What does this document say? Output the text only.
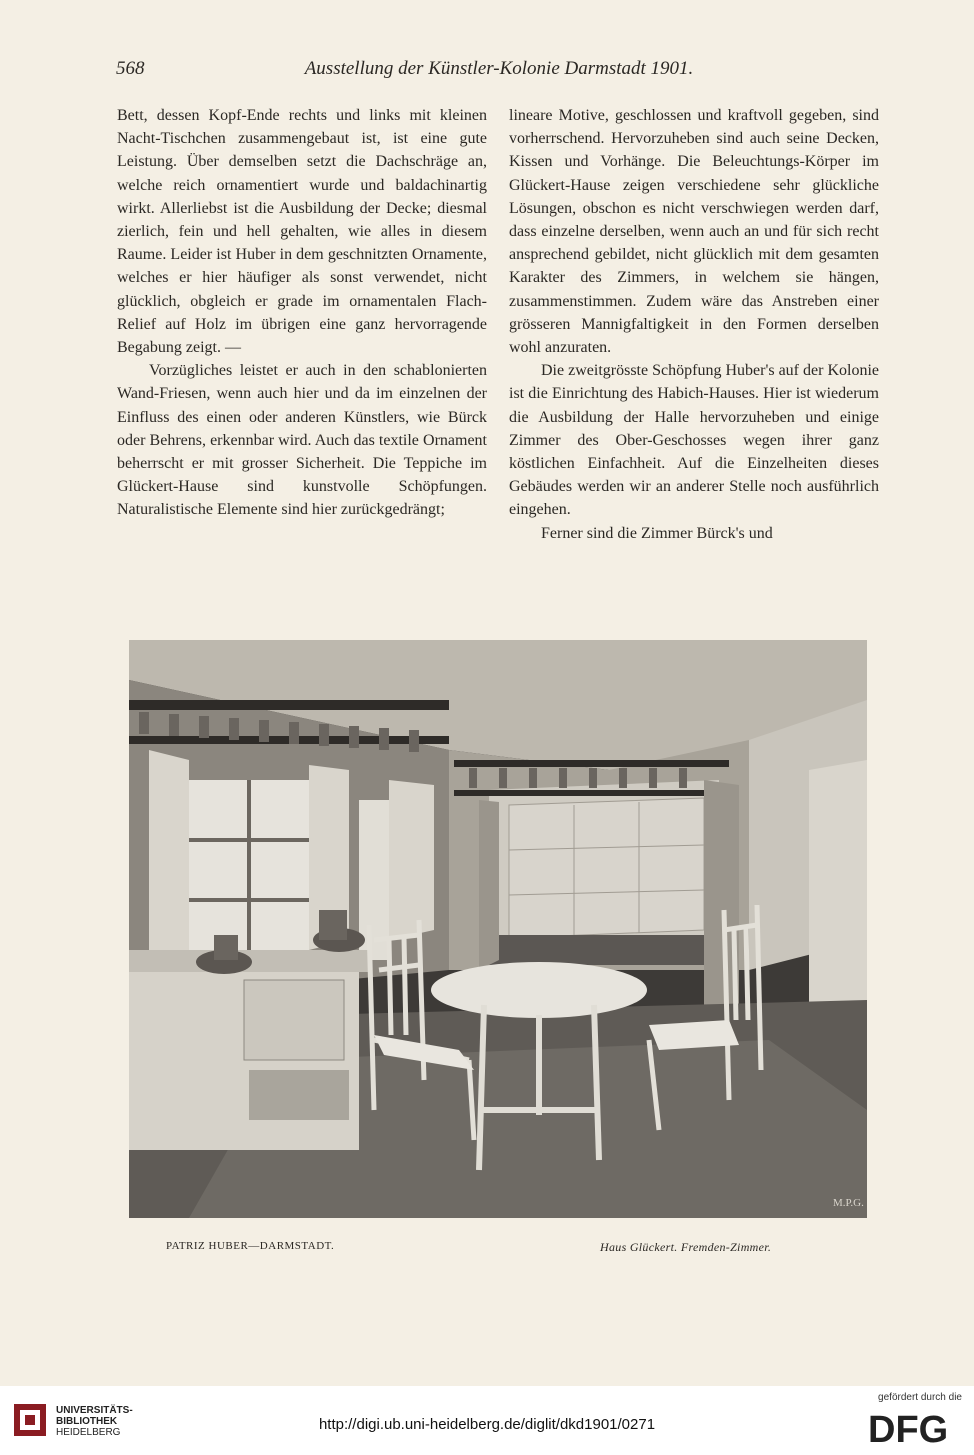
568	Ausstellung der Künstler-Kolonie Darmstadt 1901.

Bett, dessen Kopf-Ende rechts und links mit kleinen Nacht-Tischchen zusammengebaut ist, ist eine gute Leistung. Über demselben setzt die Dachschräge an, welche reich ornamentiert wurde und baldachinartig wirkt. Allerliebst ist die Ausbildung der Decke; diesmal zierlich, fein und hell gehalten, wie alles in diesem Raume. Leider ist Huber in dem geschnitzten Ornamente, welches er hier häufiger als sonst verwendet, nicht glücklich, obgleich er grade im ornamentalen Flach-Relief auf Holz im übrigen eine ganz hervorragende Begabung zeigt. —

Vorzügliches leistet er auch in den schablonierten Wand-Friesen, wenn auch hier und da im einzelnen der Einfluss des einen oder anderen Künstlers, wie Bürck oder Behrens, erkennbar wird. Auch das textile Ornament beherrscht er mit grosser Sicherheit. Die Teppiche im Glückert-Hause sind kunstvolle Schöpfungen. Naturalistische Elemente sind hier zurückgedrängt;

lineare Motive, geschlossen und kraftvoll gegeben, sind vorherrschend. Hervorzuheben sind auch seine Decken, Kissen und Vorhänge. Die Beleuchtungs-Körper im Glückert-Hause zeigen verschiedene sehr glückliche Lösungen, obschon es nicht verschwiegen werden darf, dass einzelne derselben, wenn auch an und für sich recht ansprechend gebildet, nicht glücklich mit dem gesamten Karakter des Zimmers, in welchem sie hängen, zusammenstimmen. Zudem wäre das Anstreben einer grösseren Mannigfaltigkeit in den Formen derselben wohl anzuraten.

Die zweitgrösste Schöpfung Huber's auf der Kolonie ist die Einrichtung des Habich-Hauses. Hier ist wiederum die Ausbildung der Halle hervorzuheben und einige Zimmer des Ober-Geschosses wegen ihrer ganz köstlichen Einfachheit. Auf die Einzelheiten dieses Gebäudes werden wir an anderer Stelle noch ausführlich eingehen.

Ferner sind die Zimmer Bürck's und

M.P.G.
PATRIZ HUBER—DARMSTADT.	Haus Glückert. Fremden-Zimmer.
UNIVERSITÄTS-
BIBLIOTHEK
HEIDELBERG	http://digi.ub.uni-heidelberg.de/diglit/dkd1901/0271
gefördert durch die
DFG
